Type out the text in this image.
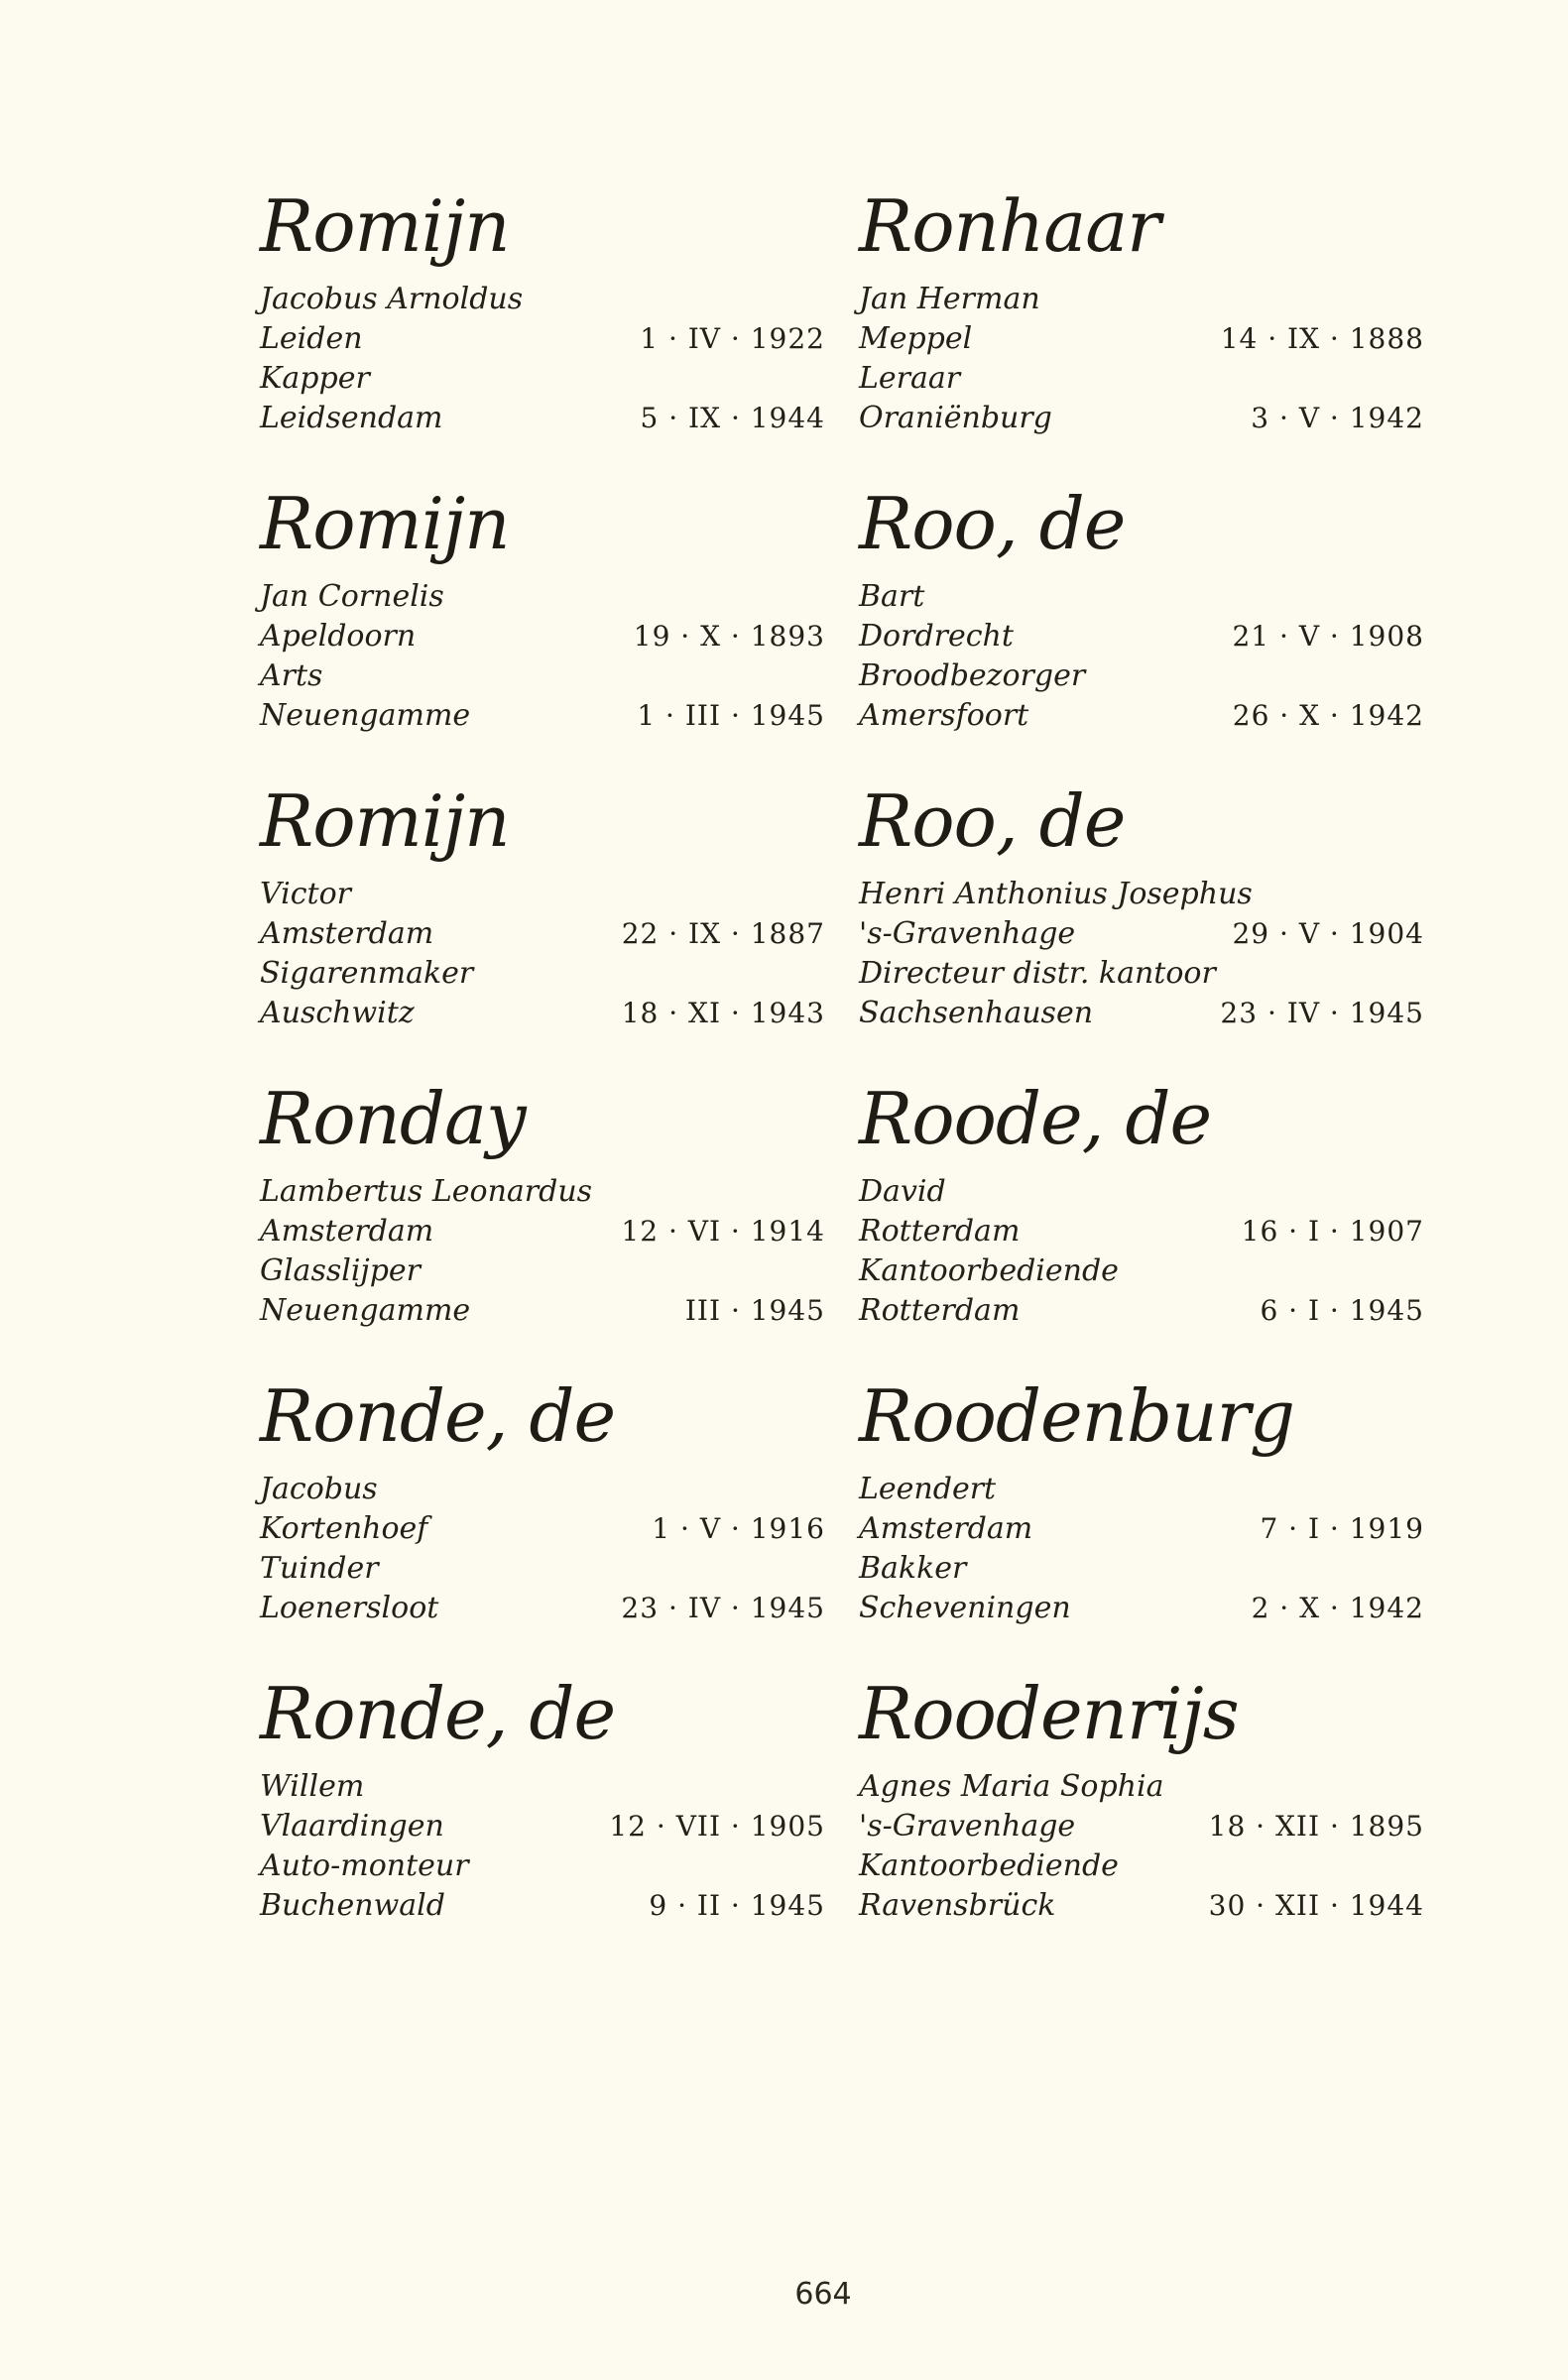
Romijn
Jacobus Arnoldus
Leiden	1 · IV · 1922
Kapper
Leidsendam	5 · IX · 1944
Romijn
Jan Cornelis
Apeldoorn	19 · X · 1893
Arts
Neuengamme	1 · III · 1945
Romijn
Victor
Amsterdam	22 · IX · 1887
Sigarenmaker
Auschwitz	18 · XI · 1943
Ronday
Lambertus Leonardus
Amsterdam	12 · VI · 1914
Glasslijper
Neuengamme	III · 1945
Ronde, de
Jacobus
Kortenhoef	1 · V · 1916
Tuinder
Loenersloot	23 · IV · 1945
Ronde, de
Willem
Vlaardingen	12 · VII · 1905
Auto-monteur
Buchenwald	9 · II · 1945
Ronhaar
Jan Herman
Meppel	14 · IX · 1888
Leraar
Oraniënburg	3 · V · 1942
Roo, de
Bart
Dordrecht	21 · V · 1908
Broodbezorger
Amersfoort	26 · X · 1942
Roo, de
Henri Anthonius Josephus
's-Gravenhage	29 · V · 1904
Directeur distr. kantoor
Sachsenhausen	23 · IV · 1945
Roode, de
David
Rotterdam	16 · I · 1907
Kantoorbediende
Rotterdam	6 · I · 1945
Roodenburg
Leendert
Amsterdam	7 · I · 1919
Bakker
Scheveningen	2 · X · 1942
Roodenrijs
Agnes Maria Sophia
's-Gravenhage	18 · XII · 1895
Kantoorbediende
Ravensbrück	30 · XII · 1944
664
